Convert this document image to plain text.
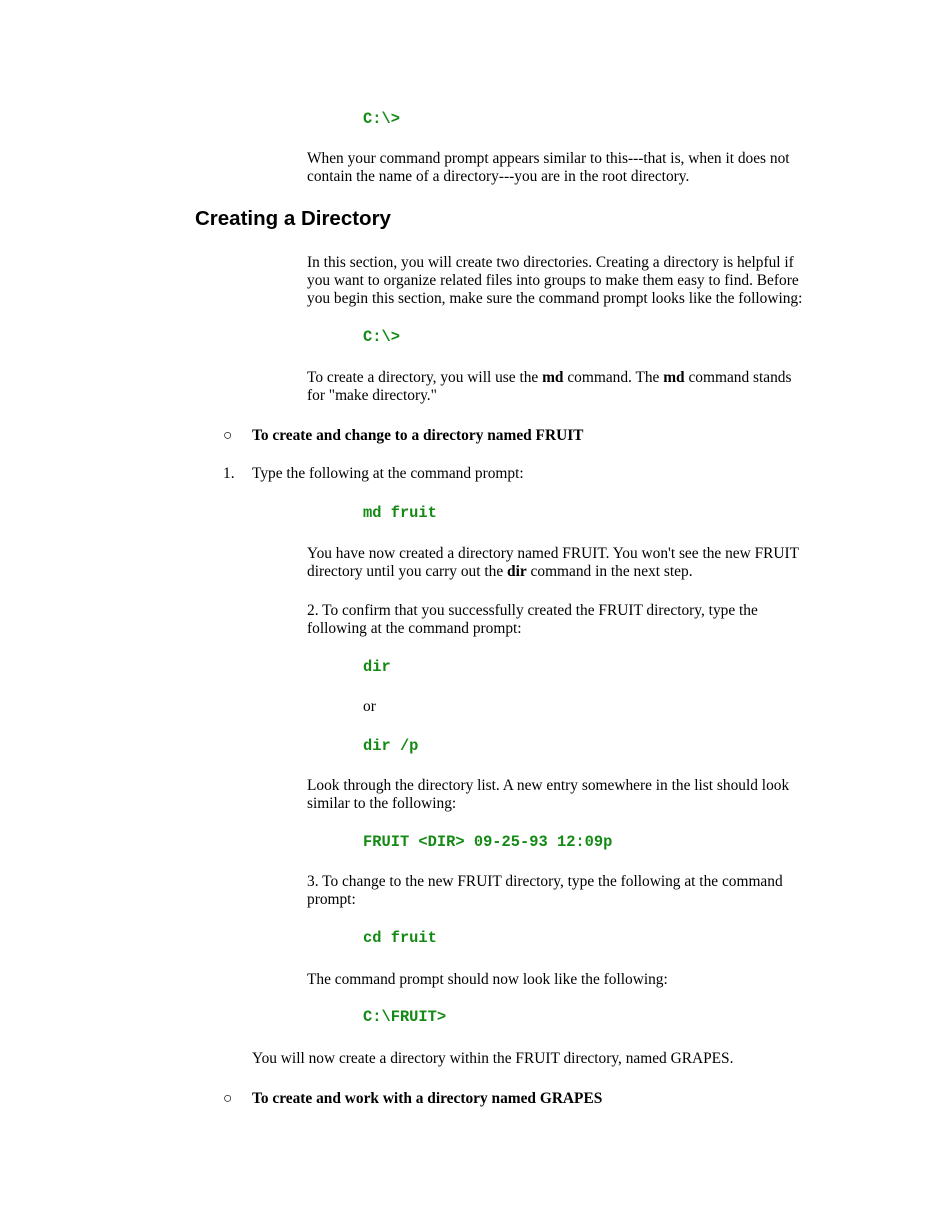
C:\>

When your command prompt appears similar to this---that is, when it does not contain the name of a directory---you are in the root directory.

Creating a Directory

In this section, you will create two directories. Creating a directory is helpful if you want to organize related files into groups to make them easy to find. Before you begin this section, make sure the command prompt looks like the following:

C:\>

To create a directory, you will use the md command. The md command stands for "make directory."

○ To create and change to a directory named FRUIT
1. Type the following at the command prompt:
md fruit

You have now created a directory named FRUIT. You won't see the new FRUIT directory until you carry out the dir command in the next step.

2. To confirm that you successfully created the FRUIT directory, type the following at the command prompt:

dir
or
dir /p

Look through the directory list. A new entry somewhere in the list should look similar to the following:

FRUIT <DIR> 09-25-93 12:09p

3. To change to the new FRUIT directory, type the following at the command prompt:

cd fruit

The command prompt should now look like the following:

C:\FRUIT>

You will now create a directory within the FRUIT directory, named GRAPES.

○ To create and work with a directory named GRAPES
